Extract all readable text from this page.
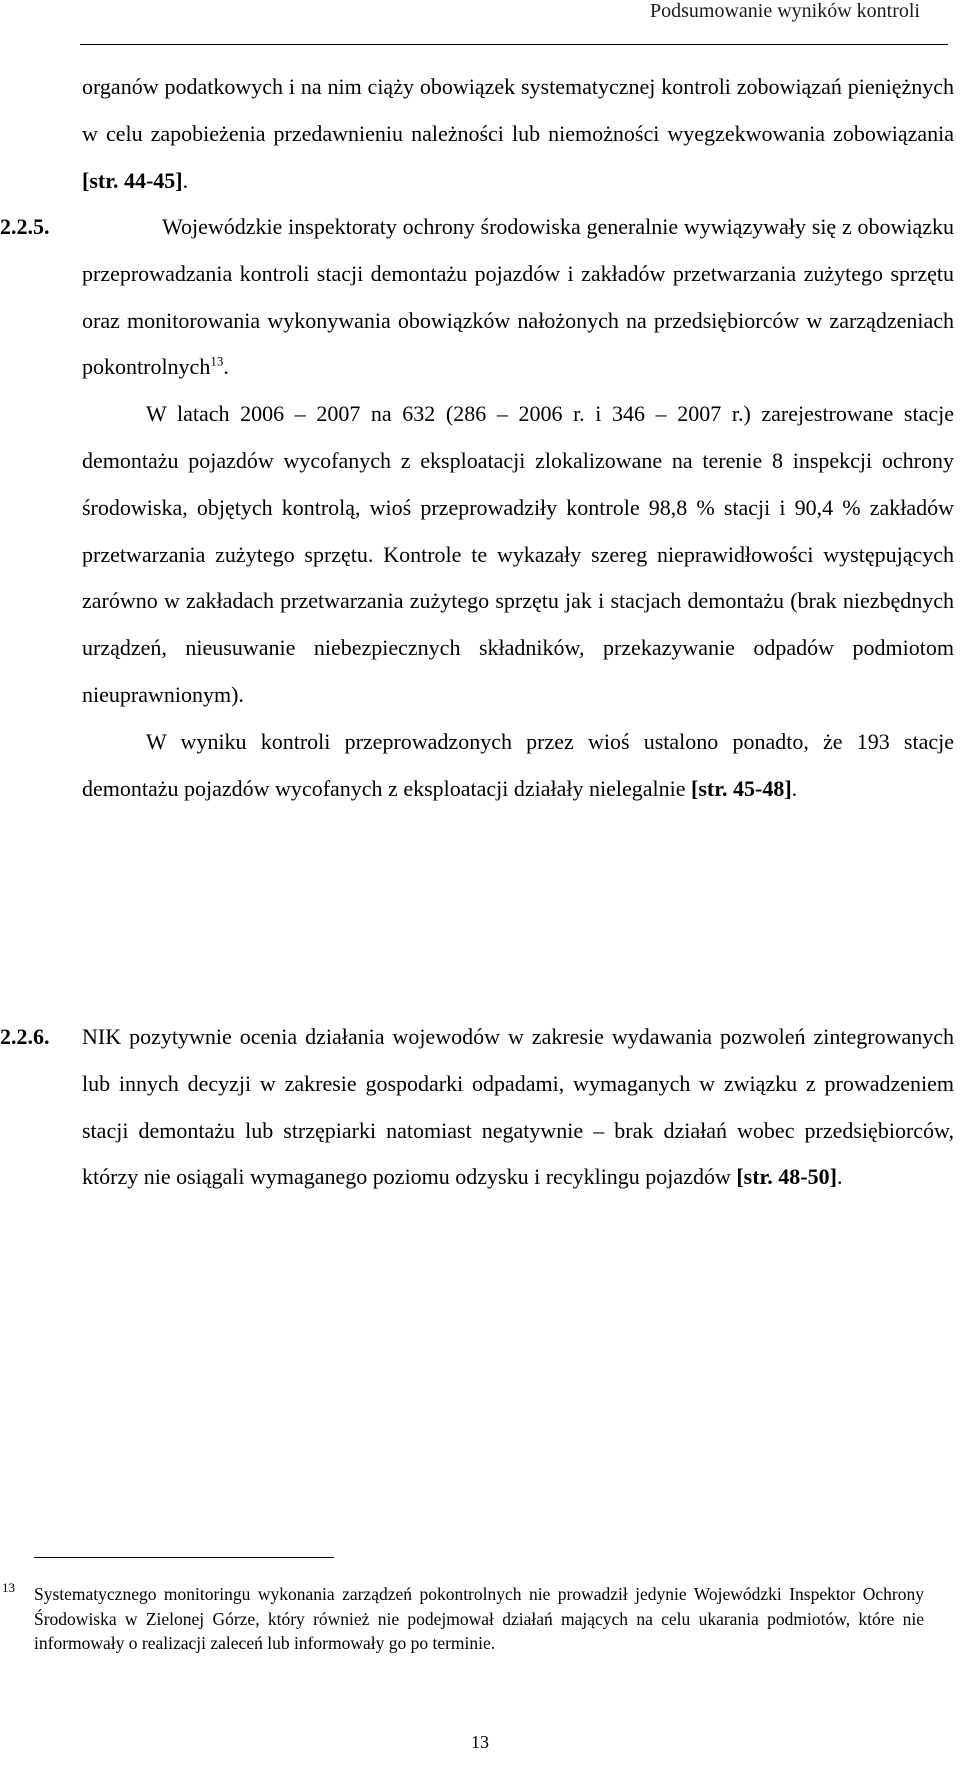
Podsumowanie wyników kontroli

organów podatkowych i na nim ciąży obowiązek systematycznej kontroli zobowiązań pieniężnych w celu zapobieżenia przedawnieniu należności lub niemożności wyegzekwowania zobowiązania [str. 44-45].

2.2.5.	Wojewódzkie inspektoraty ochrony środowiska generalnie wywiązywały się z obowiązku przeprowadzania kontroli stacji demontażu pojazdów i zakładów przetwarzania zużytego sprzętu oraz monitorowania wykonywania obowiązków nałożonych na przedsiębiorców w zarządzeniach pokontrolnych$^{13}$.

W latach 2006 – 2007 na 632 (286 – 2006 r. i 346 – 2007 r.) zarejestrowane stacje demontażu pojazdów wycofanych z eksploatacji zlokalizowane na terenie 8 inspekcji ochrony środowiska, objętych kontrolą, wioś przeprowadziły kontrole 98,8 % stacji i 90,4 % zakładów przetwarzania zużytego sprzętu. Kontrole te wykazały szereg nieprawidłowości występujących zarówno w zakładach przetwarzania zużytego sprzętu jak i stacjach demontażu (brak niezbędnych urządzeń, nieusuwanie niebezpiecznych składników, przekazywanie odpadów podmiotom nieuprawnionym).

W wyniku kontroli przeprowadzonych przez wioś ustalono ponadto, że 193 stacje demontażu pojazdów wycofanych z eksploatacji działały nielegalnie [str. 45-48].

2.2.6. NIK pozytywnie ocenia działania wojewodów w zakresie wydawania pozwoleń zintegrowanych lub innych decyzji w zakresie gospodarki odpadami, wymaganych w związku z prowadzeniem stacji demontażu lub strzępiarki natomiast negatywnie – brak działań wobec przedsiębiorców, którzy nie osiągali wymaganego poziomu odzysku i recyklingu pojazdów [str. 48-50].

13 Systematycznego monitoringu wykonania zarządzeń pokontrolnych nie prowadził jedynie Wojewódzki Inspektor Ochrony Środowiska w Zielonej Górze, który również nie podejmował działań mających na celu ukarania podmiotów, które nie informowały o realizacji zaleceń lub informowały go po terminie.

13
